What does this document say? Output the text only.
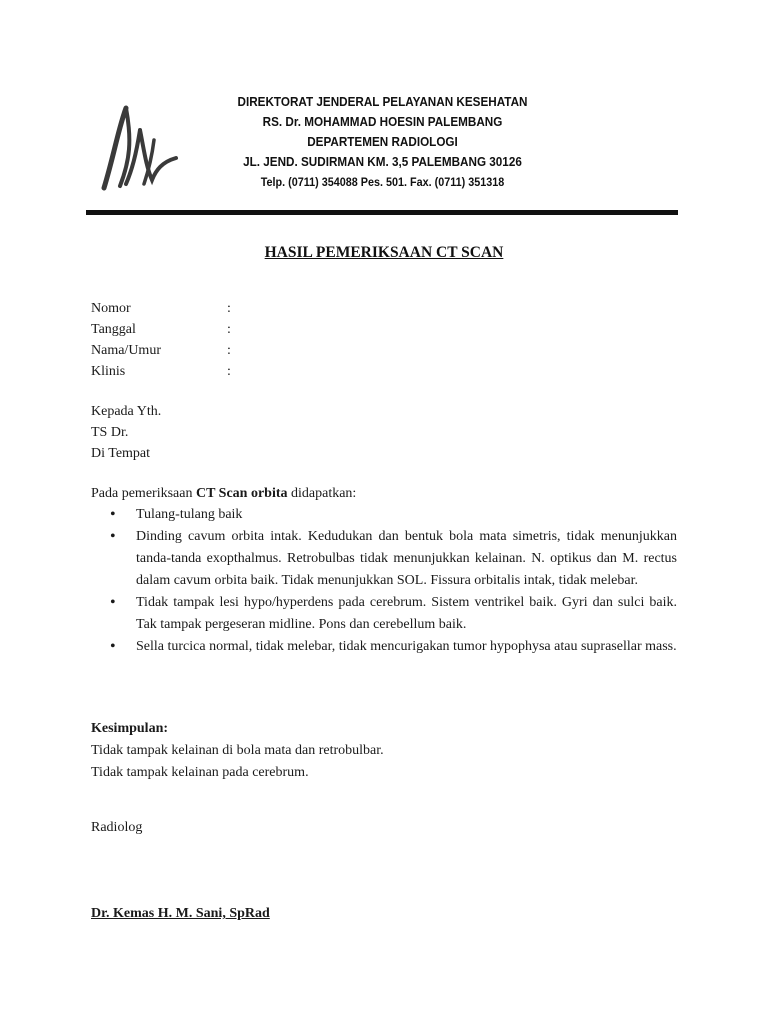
DIREKTORAT JENDERAL PELAYANAN KESEHATAN
RS. Dr. MOHAMMAD HOESIN PALEMBANG
DEPARTEMEN RADIOLOGI
JL. JEND. SUDIRMAN KM. 3,5 PALEMBANG 30126
Telp. (0711) 354088 Pes. 501. Fax. (0711) 351318
HASIL PEMERIKSAAN CT SCAN
Nomor	:
Tanggal	:
Nama/Umur	:
Klinis	:
Kepada Yth.
TS Dr.
Di Tempat
Pada pemeriksaan CT Scan orbita didapatkan:
• Tulang-tulang baik
• Dinding cavum orbita intak. Kedudukan dan bentuk bola mata simetris, tidak menunjukkan tanda-tanda exopthalmus. Retrobulbas tidak menunjukkan kelainan. N. optikus dan M. rectus dalam cavum orbita baik. Tidak menunjukkan SOL. Fissura orbitalis intak, tidak melebar.
• Tidak tampak lesi hypo/hyperdens pada cerebrum. Sistem ventrikel baik. Gyri dan sulci baik. Tak tampak pergeseran midline. Pons dan cerebellum baik.
• Sella turcica normal, tidak melebar, tidak mencurigakan tumor hypophysa atau suprasellar mass.
Kesimpulan:
Tidak tampak kelainan di bola mata dan retrobulbar.
Tidak tampak kelainan pada cerebrum.
Radiolog
Dr. Kemas H. M. Sani, SpRad
